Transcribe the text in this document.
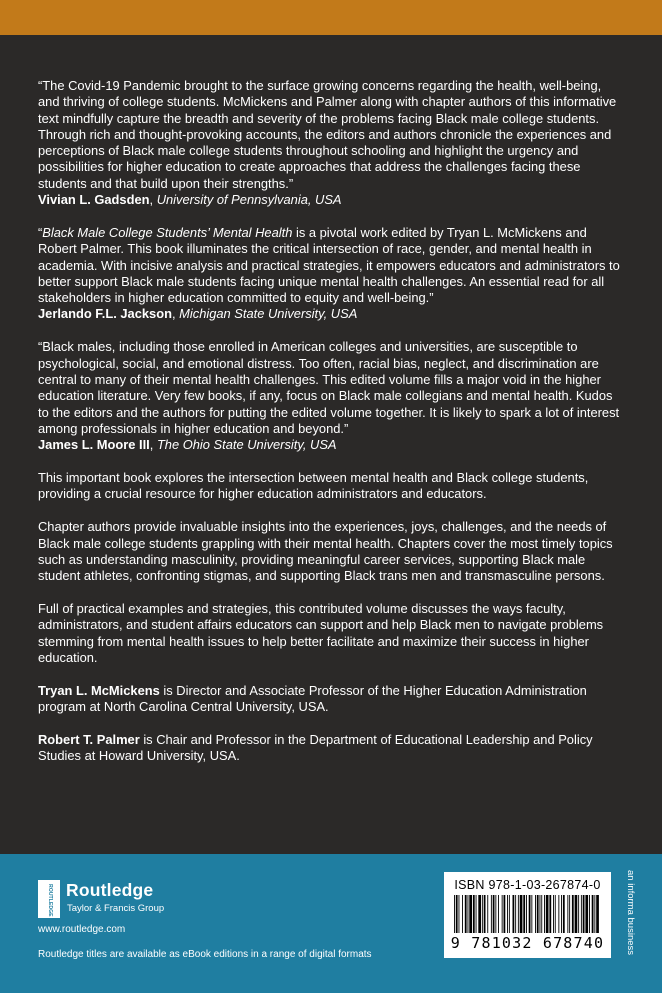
“The Covid-19 Pandemic brought to the surface growing concerns regarding the health, well-being, and thriving of college students. McMickens and Palmer along with chapter authors of this informative text mindfully capture the breadth and severity of the problems facing Black male college students. Through rich and thought-provoking accounts, the editors and authors chronicle the experiences and perceptions of Black male college students throughout schooling and highlight the urgency and possibilities for higher education to create approaches that address the challenges facing these students and that build upon their strengths.”

Vivian L. Gadsden, University of Pennsylvania, USA

“Black Male College Students’ Mental Health is a pivotal work edited by Tryan L. McMickens and Robert Palmer. This book illuminates the critical intersection of race, gender, and mental health in academia. With incisive analysis and practical strategies, it empowers educators and administrators to better support Black male students facing unique mental health challenges. An essential read for all stakeholders in higher education committed to equity and well-being.”

Jerlando F.L. Jackson, Michigan State University, USA

“Black males, including those enrolled in American colleges and universities, are susceptible to psychological, social, and emotional distress. Too often, racial bias, neglect, and discrimination are central to many of their mental health challenges. This edited volume fills a major void in the higher education literature. Very few books, if any, focus on Black male collegians and mental health. Kudos to the editors and the authors for putting the edited volume together. It is likely to spark a lot of interest among professionals in higher education and beyond.”

James L. Moore III, The Ohio State University, USA

This important book explores the intersection between mental health and Black college students, providing a crucial resource for higher education administrators and educators.

Chapter authors provide invaluable insights into the experiences, joys, challenges, and the needs of Black male college students grappling with their mental health. Chapters cover the most timely topics such as understanding masculinity, providing meaningful career services, supporting Black male student athletes, confronting stigmas, and supporting Black trans men and transmasculine persons.

Full of practical examples and strategies, this contributed volume discusses the ways faculty, administrators, and student affairs educators can support and help Black men to navigate problems stemming from mental health issues to help better facilitate and maximize their success in higher education.

Tryan L. McMickens is Director and Associate Professor of the Higher Education Administration program at North Carolina Central University, USA.

Robert T. Palmer is Chair and Professor in the Department of Educational Leadership and Policy Studies at Howard University, USA.

ROUTLEDGE Routledge
Taylor & Francis Group
www.routledge.com
Routledge titles are available as eBook editions in a range of digital formats
ISBN 978-1-03-267874-0
9 781032 678740	an informa business
